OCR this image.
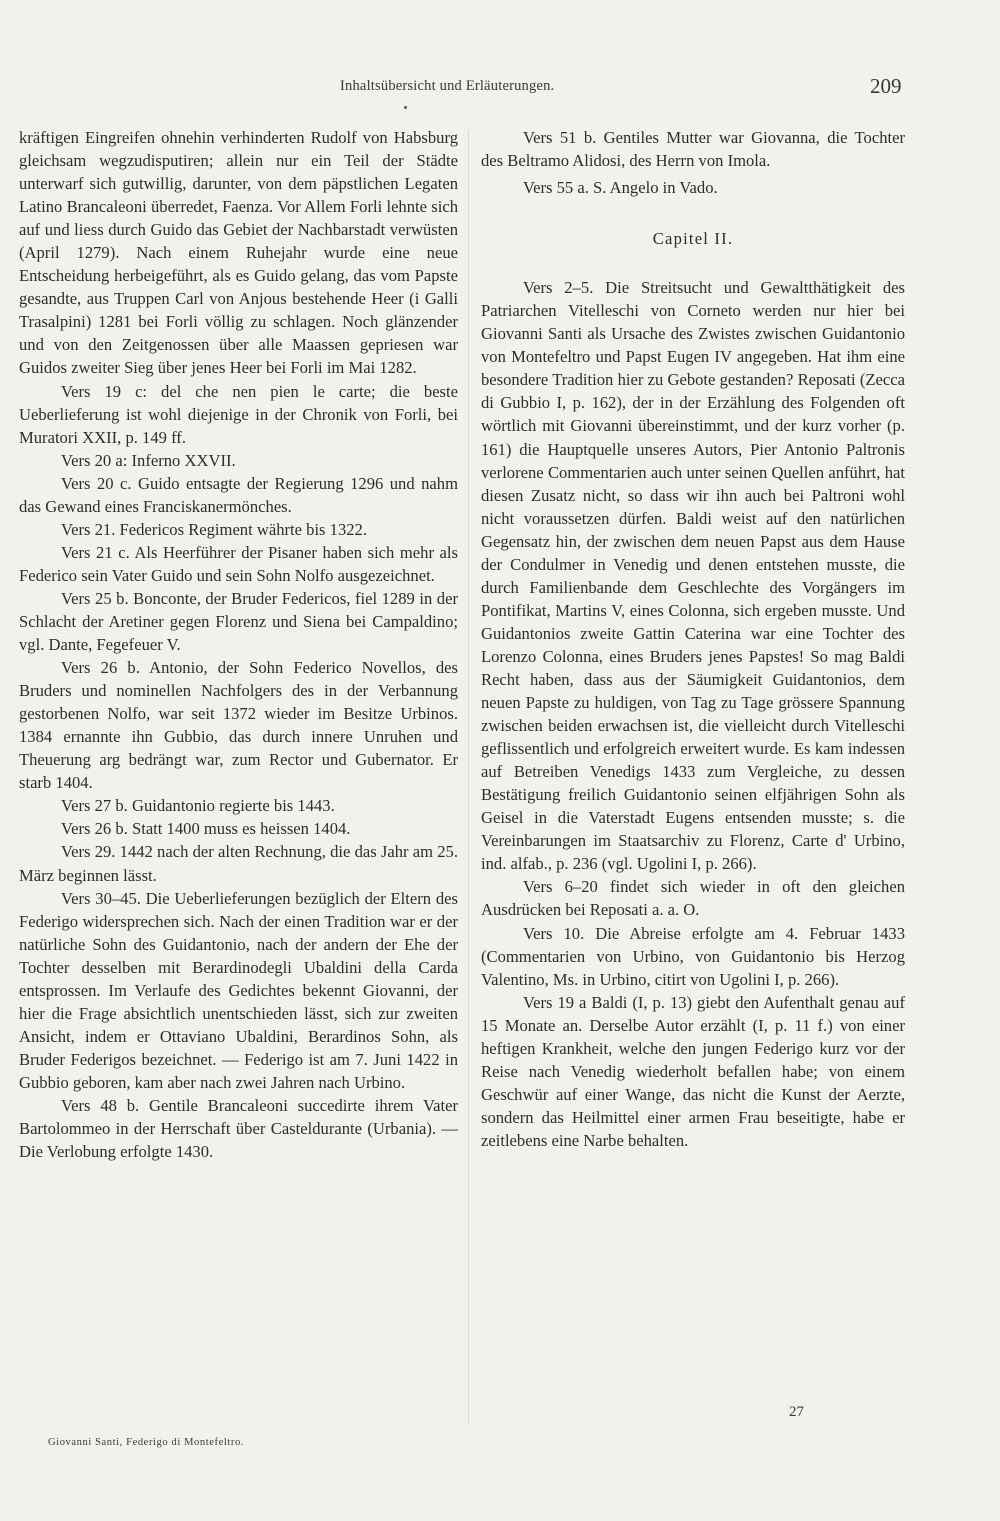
Inhaltsübersicht und Erläuterungen.	209

kräftigen Eingreifen ohnehin verhinderten Rudolf von Habsburg gleichsam wegzudisputiren; allein nur ein Teil der Städte unterwarf sich gutwillig, darunter, von dem päpstlichen Legaten Latino Brancaleoni überredet, Faenza. Vor Allem Forli lehnte sich auf und liess durch Guido das Gebiet der Nachbarstadt verwüsten (April 1279). Nach einem Ruhejahr wurde eine neue Entscheidung herbeigeführt, als es Guido gelang, das vom Papste gesandte, aus Truppen Carl von Anjous bestehende Heer (i Galli Trasalpini) 1281 bei Forli völlig zu schlagen. Noch glänzender und von den Zeitgenossen über alle Maassen gepriesen war Guidos zweiter Sieg über jenes Heer bei Forli im Mai 1282.

Vers 19 c: del che nen pien le carte; die beste Ueberlieferung ist wohl diejenige in der Chronik von Forli, bei Muratori XXII, p. 149 ff.

Vers 20 a: Inferno XXVII.

Vers 20 c. Guido entsagte der Regierung 1296 und nahm das Gewand eines Franciskanermönches.

Vers 21. Federicos Regiment währte bis 1322.

Vers 21 c. Als Heerführer der Pisaner haben sich mehr als Federico sein Vater Guido und sein Sohn Nolfo ausgezeichnet.

Vers 25 b. Bonconte, der Bruder Federicos, fiel 1289 in der Schlacht der Aretiner gegen Florenz und Siena bei Campaldino; vgl. Dante, Fegefeuer V.

Vers 26 b. Antonio, der Sohn Federico Novellos, des Bruders und nominellen Nachfolgers des in der Verbannung gestorbenen Nolfo, war seit 1372 wieder im Besitze Urbinos. 1384 ernannte ihn Gubbio, das durch innere Unruhen und Theuerung arg bedrängt war, zum Rector und Gubernator. Er starb 1404.

Vers 27 b. Guidantonio regierte bis 1443.

Vers 26 b. Statt 1400 muss es heissen 1404.

Vers 29. 1442 nach der alten Rechnung, die das Jahr am 25. März beginnen lässt.

Vers 30–45. Die Ueberlieferungen bezüglich der Eltern des Federigo widersprechen sich. Nach der einen Tradition war er der natürliche Sohn des Guidantonio, nach der andern der Ehe der Tochter desselben mit Berardinodegli Ubaldini della Carda entsprossen. Im Verlaufe des Gedichtes bekennt Giovanni, der hier die Frage absichtlich unentschieden lässt, sich zur zweiten Ansicht, indem er Ottaviano Ubaldini, Berardinos Sohn, als Bruder Federigos bezeichnet. — Federigo ist am 7. Juni 1422 in Gubbio geboren, kam aber nach zwei Jahren nach Urbino.

Vers 48 b. Gentile Brancaleoni succedirte ihrem Vater Bartolommeo in der Herrschaft über Casteldurante (Urbania). — Die Verlobung erfolgte 1430.

Vers 51 b. Gentiles Mutter war Giovanna, die Tochter des Beltramo Alidosi, des Herrn von Imola.

Vers 55 a. S. Angelo in Vado.

Capitel II.

Vers 2–5. Die Streitsucht und Gewaltthätigkeit des Patriarchen Vitelleschi von Corneto werden nur hier bei Giovanni Santi als Ursache des Zwistes zwischen Guidantonio von Montefeltro und Papst Eugen IV angegeben. Hat ihm eine besondere Tradition hier zu Gebote gestanden? Reposati (Zecca di Gubbio I, p. 162), der in der Erzählung des Folgenden oft wörtlich mit Giovanni übereinstimmt, und der kurz vorher (p. 161) die Hauptquelle unseres Autors, Pier Antonio Paltronis verlorene Commentarien auch unter seinen Quellen anführt, hat diesen Zusatz nicht, so dass wir ihn auch bei Paltroni wohl nicht voraussetzen dürfen. Baldi weist auf den natürlichen Gegensatz hin, der zwischen dem neuen Papst aus dem Hause der Condulmer in Venedig und denen entstehen musste, die durch Familienbande dem Geschlechte des Vorgängers im Pontifikat, Martins V, eines Colonna, sich ergeben musste. Und Guidantonios zweite Gattin Caterina war eine Tochter des Lorenzo Colonna, eines Bruders jenes Papstes! So mag Baldi Recht haben, dass aus der Säumigkeit Guidantonios, dem neuen Papste zu huldigen, von Tag zu Tage grössere Spannung zwischen beiden erwachsen ist, die vielleicht durch Vitelleschi geflissentlich und erfolgreich erweitert wurde. Es kam indessen auf Betreiben Venedigs 1433 zum Vergleiche, zu dessen Bestätigung freilich Guidantonio seinen elfjährigen Sohn als Geisel in die Vaterstadt Eugens entsenden musste; s. die Vereinbarungen im Staatsarchiv zu Florenz, Carte d' Urbino, ind. alfab., p. 236 (vgl. Ugolini I, p. 266).

Vers 6–20 findet sich wieder in oft den gleichen Ausdrücken bei Reposati a. a. O.

Vers 10. Die Abreise erfolgte am 4. Februar 1433 (Commentarien von Urbino, von Guidantonio bis Herzog Valentino, Ms. in Urbino, citirt von Ugolini I, p. 266).

Vers 19 a Baldi (I, p. 13) giebt den Aufenthalt genau auf 15 Monate an. Derselbe Autor erzählt (I, p. 11 f.) von einer heftigen Krankheit, welche den jungen Federigo kurz vor der Reise nach Venedig wiederholt befallen habe; von einem Geschwür auf einer Wange, das nicht die Kunst der Aerzte, sondern das Heilmittel einer armen Frau beseitigte, habe er zeitlebens eine Narbe behalten.

27
Giovanni Santi, Federigo di Montefeltro.
